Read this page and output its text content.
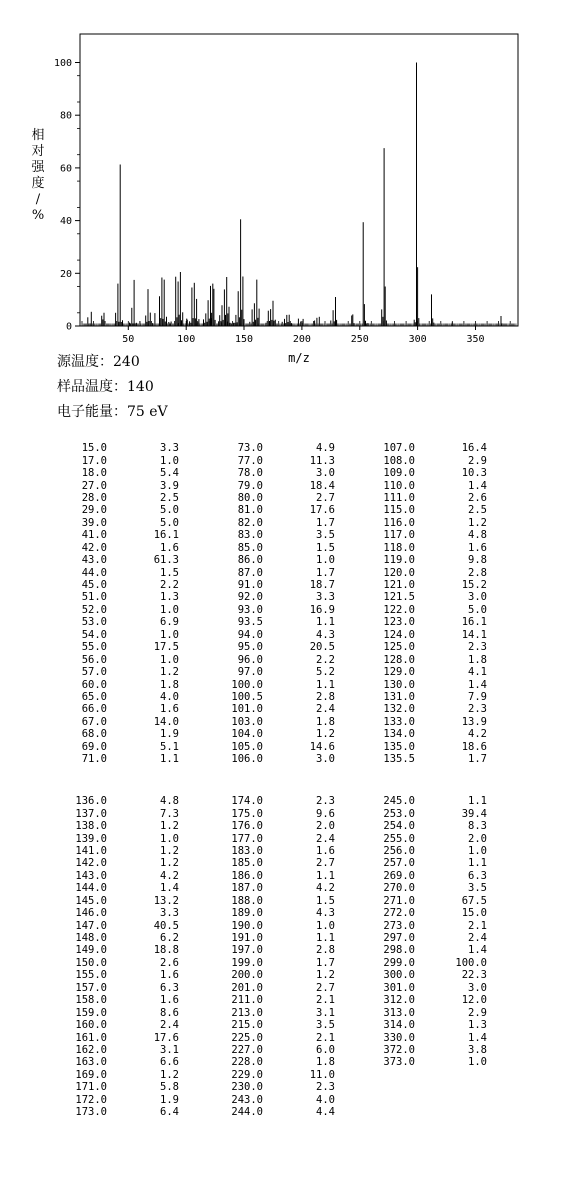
50	100	150	200	250	300	350
0
20
40
60
80
100
m/z
相
对
强
度
/
%
源温度：240
样品温度：140
电子能量：75 eV
15.0	3.3
17.0	1.0
18.0	5.4
27.0	3.9
28.0	2.5
29.0	5.0
39.0	5.0
41.0	16.1
42.0	1.6
43.0	61.3
44.0	1.5
45.0	2.2
51.0	1.3
52.0	1.0
53.0	6.9
54.0	1.0
55.0	17.5
56.0	1.0
57.0	1.2
60.0	1.8
65.0	4.0
66.0	1.6
67.0	14.0
68.0	1.9
69.0	5.1
71.0	1.1
73.0	4.9
77.0	11.3
78.0	3.0
79.0	18.4
80.0	2.7
81.0	17.6
82.0	1.7
83.0	3.5
85.0	1.5
86.0	1.0
87.0	1.7
91.0	18.7
92.0	3.3
93.0	16.9
93.5	1.1
94.0	4.3
95.0	20.5
96.0	2.2
97.0	5.2
100.0	1.1
100.5	2.8
101.0	2.4
103.0	1.8
104.0	1.2
105.0	14.6
106.0	3.0
107.0	16.4
108.0	2.9
109.0	10.3
110.0	1.4
111.0	2.6
115.0	2.5
116.0	1.2
117.0	4.8
118.0	1.6
119.0	9.8
120.0	2.8
121.0	15.2
121.5	3.0
122.0	5.0
123.0	16.1
124.0	14.1
125.0	2.3
128.0	1.8
129.0	4.1
130.0	1.4
131.0	7.9
132.0	2.3
133.0	13.9
134.0	4.2
135.0	18.6
135.5	1.7
136.0	4.8
137.0	7.3
138.0	1.2
139.0	1.0
141.0	1.2
142.0	1.2
143.0	4.2
144.0	1.4
145.0	13.2
146.0	3.3
147.0	40.5
148.0	6.2
149.0	18.8
150.0	2.6
155.0	1.6
157.0	6.3
158.0	1.6
159.0	8.6
160.0	2.4
161.0	17.6
162.0	3.1
163.0	6.6
169.0	1.2
171.0	5.8
172.0	1.9
173.0	6.4
174.0	2.3
175.0	9.6
176.0	2.0
177.0	2.4
183.0	1.6
185.0	2.7
186.0	1.1
187.0	4.2
188.0	1.5
189.0	4.3
190.0	1.0
191.0	1.1
197.0	2.8
199.0	1.7
200.0	1.2
201.0	2.7
211.0	2.1
213.0	3.1
215.0	3.5
225.0	2.1
227.0	6.0
228.0	1.8
229.0	11.0
230.0	2.3
243.0	4.0
244.0	4.4
245.0	1.1
253.0	39.4
254.0	8.3
255.0	2.0
256.0	1.0
257.0	1.1
269.0	6.3
270.0	3.5
271.0	67.5
272.0	15.0
273.0	2.1
297.0	2.4
298.0	1.4
299.0	100.0
300.0	22.3
301.0	3.0
312.0	12.0
313.0	2.9
314.0	1.3
330.0	1.4
372.0	3.8
373.0	1.0
